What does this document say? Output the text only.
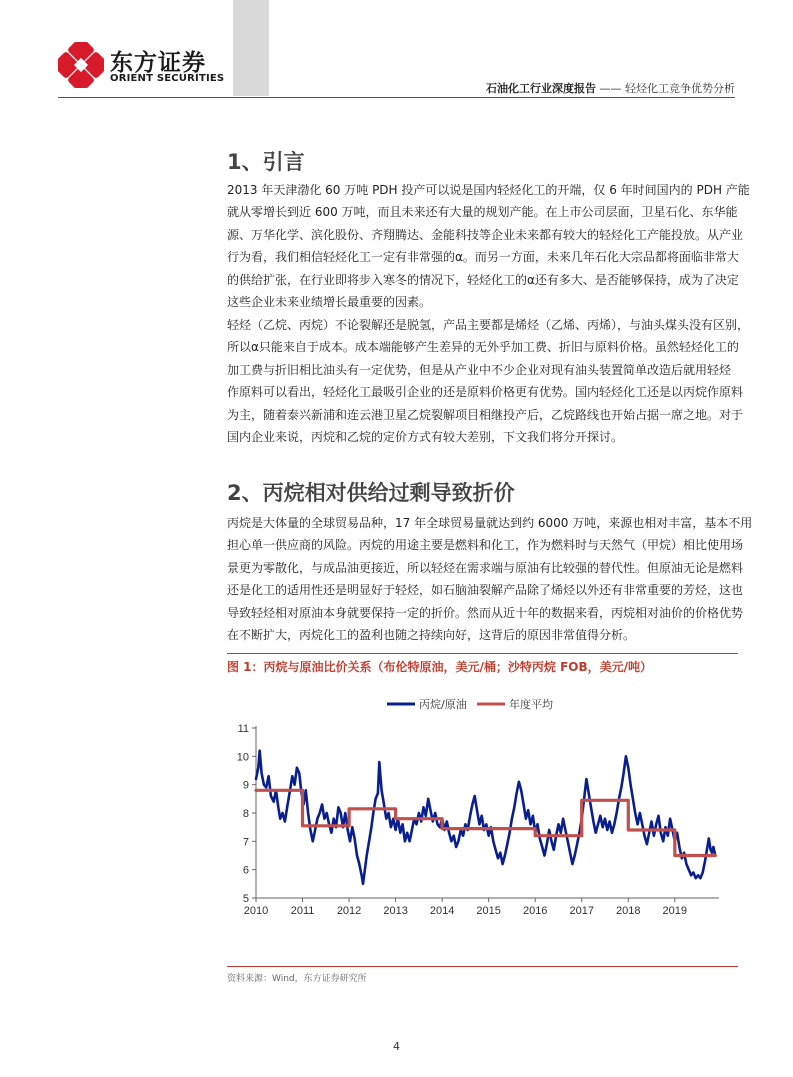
东方证券
ORIENT SECURITIES
石油化工行业深度报告 —— 轻烃化工竞争优势分析
1、引言
2013 年天津渤化 60 万吨 PDH 投产可以说是国内轻烃化工的开端，仅 6 年时间国内的 PDH 产能
就从零增长到近 600 万吨，而且未来还有大量的规划产能。在上市公司层面，卫星石化、东华能
源、万华化学、滨化股份、齐翔腾达、金能科技等企业未来都有较大的轻烃化工产能投放。从产业
行为看，我们相信轻烃化工一定有非常强的α。而另一方面，未来几年石化大宗品都将面临非常大
的供给扩张，在行业即将步入寒冬的情况下，轻烃化工的α还有多大、是否能够保持，成为了决定
这些企业未来业绩增长最重要的因素。
轻烃（乙烷、丙烷）不论裂解还是脱氢，产品主要都是烯烃（乙烯、丙烯），与油头煤头没有区别，
所以α只能来自于成本。成本端能够产生差异的无外乎加工费、折旧与原料价格。虽然轻烃化工的
加工费与折旧相比油头有一定优势，但是从产业中不少企业对现有油头装置简单改造后就用轻烃
作原料可以看出，轻烃化工最吸引企业的还是原料价格更有优势。国内轻烃化工还是以丙烷作原料
为主，随着泰兴新浦和连云港卫星乙烷裂解项目相继投产后，乙烷路线也开始占据一席之地。对于
国内企业来说，丙烷和乙烷的定价方式有较大差别，下文我们将分开探讨。
2、丙烷相对供给过剩导致折价
丙烷是大体量的全球贸易品种，17 年全球贸易量就达到约 6000 万吨，来源也相对丰富，基本不用
担心单一供应商的风险。丙烷的用途主要是燃料和化工，作为燃料时与天然气（甲烷）相比使用场
景更为零散化，与成品油更接近，所以轻烃在需求端与原油有比较强的替代性。但原油无论是燃料
还是化工的适用性还是明显好于轻烃，如石脑油裂解产品除了烯烃以外还有非常重要的芳烃，这也
导致轻烃相对原油本身就要保持一定的折价。然而从近十年的数据来看，丙烷相对油价的价格优势
在不断扩大，丙烷化工的盈利也随之持续向好，这背后的原因非常值得分析。
图 1：丙烷与原油比价关系（布伦特原油，美元/桶；沙特丙烷 FOB，美元/吨）
5
6
7
8
9
10
11
2010 2011 2012 2013 2014 2015 2016 2017 2018 2019
丙烷/原油	年度平均
资料来源：Wind，东方证券研究所
4
